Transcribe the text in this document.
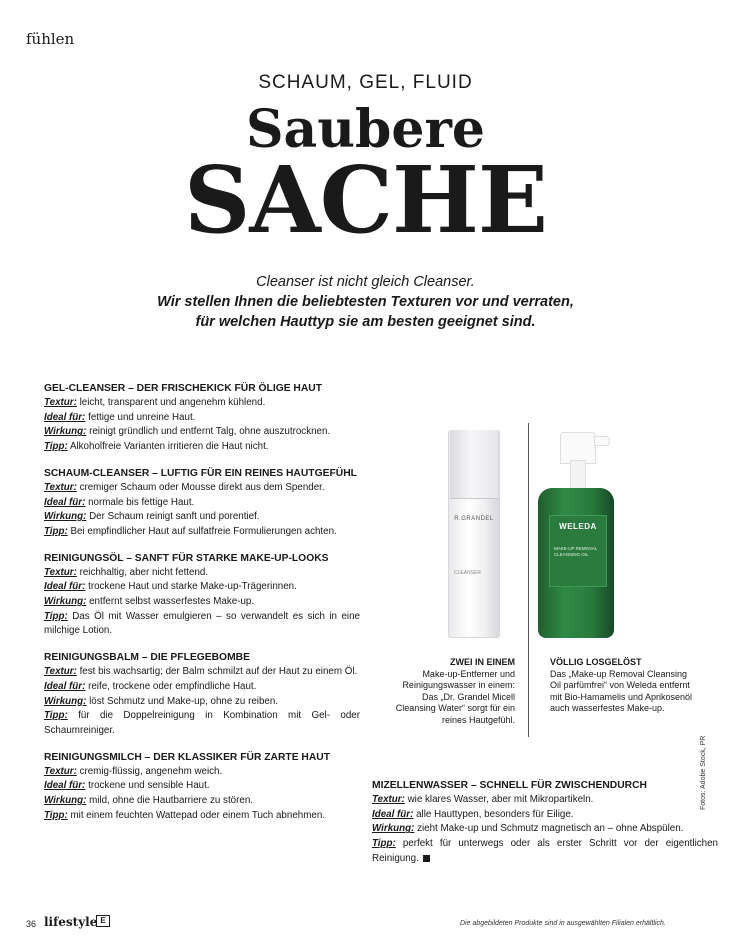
fühlen
SCHAUM, GEL, FLUID
Saubere
SACHE
Cleanser ist nicht gleich Cleanser.
Wir stellen Ihnen die beliebtesten Texturen vor und verraten,
für welchen Hauttyp sie am besten geeignet sind.
GEL-CLEANSER – DER FRISCHEKICK FÜR ÖLIGE HAUT
Textur: leicht, transparent und angenehm kühlend.
Ideal für: fettige und unreine Haut.
Wirkung: reinigt gründlich und entfernt Talg, ohne auszutrocknen.
Tipp: Alkoholfreie Varianten irritieren die Haut nicht.
SCHAUM-CLEANSER – LUFTIG FÜR EIN REINES HAUTGEFÜHL
Textur: cremiger Schaum oder Mousse direkt aus dem Spender.
Ideal für: normale bis fettige Haut.
Wirkung: Der Schaum reinigt sanft und porentief.
Tipp: Bei empfindlicher Haut auf sulfatfreie Formulierungen achten.
REINIGUNGSÖL – SANFT FÜR STARKE MAKE-UP-LOOKS
Textur: reichhaltig, aber nicht fettend.
Ideal für: trockene Haut und starke Make-up-Trägerinnen.
Wirkung: entfernt selbst wasserfestes Make-up.
Tipp: Das Öl mit Wasser emulgieren – so verwandelt es sich in eine milchige Lotion.
REINIGUNGSBALM – DIE PFLEGEBOMBE
Textur: fest bis wachsartig; der Balm schmilzt auf der Haut zu einem Öl.
Ideal für: reife, trockene oder empfindliche Haut.
Wirkung: löst Schmutz und Make-up, ohne zu reiben.
Tipp: für die Doppelreinigung in Kombination mit Gel- oder Schaumreiniger.
REINIGUNGSMILCH – DER KLASSIKER FÜR ZARTE HAUT
Textur: cremig-flüssig, angenehm weich.
Ideal für: trockene und sensible Haut.
Wirkung: mild, ohne die Hautbarriere zu stören.
Tipp: mit einem feuchten Wattepad oder einem Tuch abnehmen.
MIZELLENWASSER – SCHNELL FÜR ZWISCHENDURCH
Textur: wie klares Wasser, aber mit Mikropartikeln.
Ideal für: alle Hauttypen, besonders für Eilige.
Wirkung: zieht Make-up und Schmutz magnetisch an – ohne Abspülen.
Tipp: perfekt für unterwegs oder als erster Schritt vor der eigentlichen Reinigung.
R.GRANDEL
CLEANSER
WELEDA
MAKE-UP REMOVAL CLEANSING OIL
ZWEI IN EINEM
Make-up-Entferner und Reinigungswasser in einem: Das „Dr. Grandel Micell Cleansing Water“ sorgt für ein reines Hautgefühl.
VÖLLIG LOSGELÖST
Das „Make-up Removal Cleansing Oil parfümfrei“ von Weleda entfernt mit Bio-Hamamelis und Aprikosenöl auch wasserfestes Make-up.
Fotos: Adobe Stock, PR
36 lifestyle E	Die abgebildeten Produkte sind in ausgewählten Filialen erhältlich.
